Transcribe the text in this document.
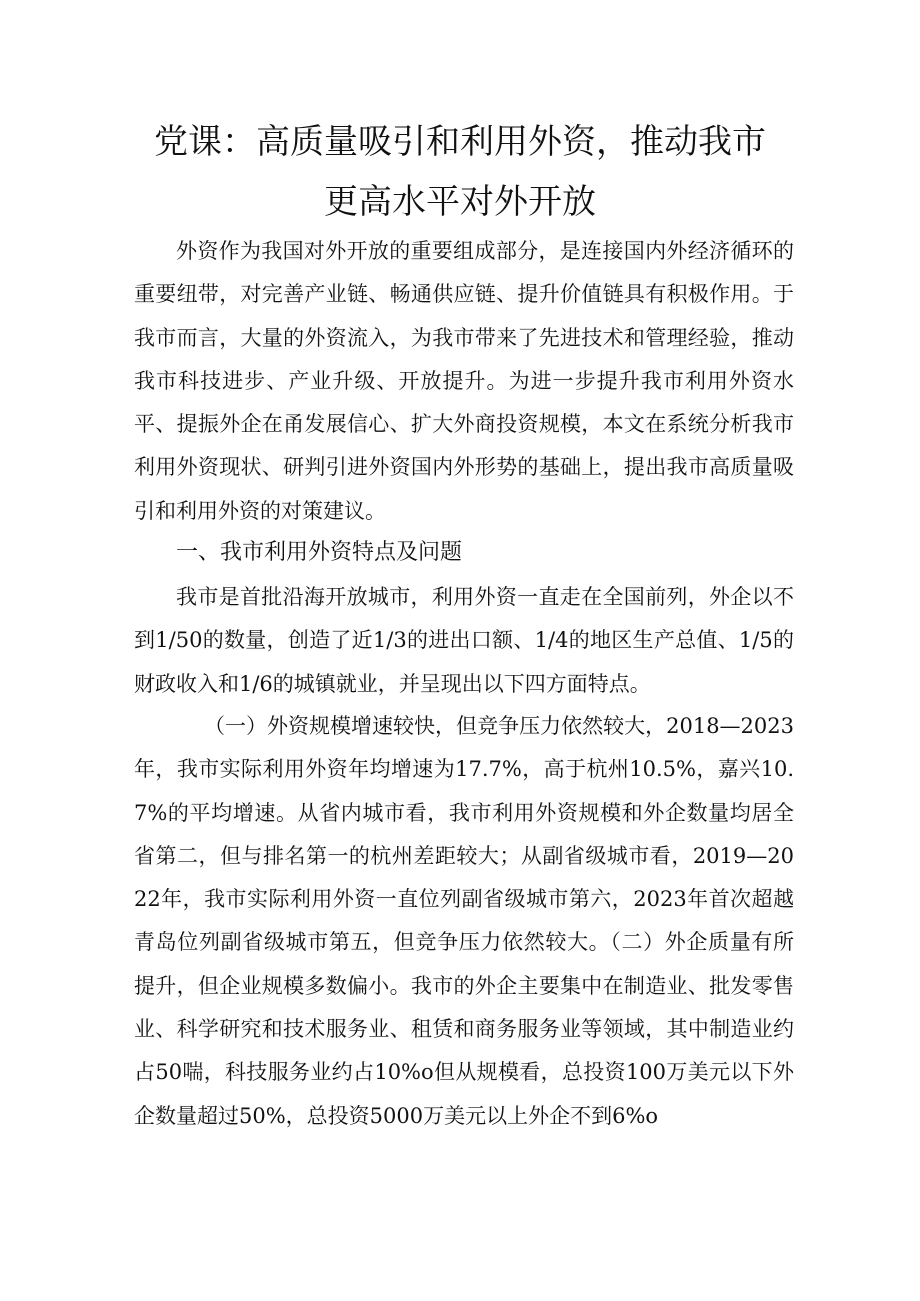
党课：高质量吸引和利用外资，推动我市
更高水平对外开放
外资作为我国对外开放的重要组成部分，是连接国内外经济循环的重要纽带，对完善产业链、畅通供应链、提升价值链具有积极作用。于我市而言，大量的外资流入，为我市带来了先进技术和管理经验，推动我市科技进步、产业升级、开放提升。为进一步提升我市利用外资水平、提振外企在甬发展信心、扩大外商投资规模，本文在系统分析我市利用外资现状、研判引进外资国内外形势的基础上，提出我市高质量吸引和利用外资的对策建议。
一、我市利用外资特点及问题
我市是首批沿海开放城市，利用外资一直走在全国前列，外企以不到1/50的数量，创造了近1/3的进出口额、1/4的地区生产总值、1/5的财政收入和1/6的城镇就业，并呈现出以下四方面特点。
（一）外资规模增速较快，但竞争压力依然较大，2018—2023年，我市实际利用外资年均增速为17.7%，高于杭州10.5%，嘉兴10.7%的平均增速。从省内城市看，我市利用外资规模和外企数量均居全省第二，但与排名第一的杭州差距较大；从副省级城市看，2019—2022年，我市实际利用外资一直位列副省级城市第六，2023年首次超越青岛位列副省级城市第五，但竞争压力依然较大。（二）外企质量有所提升，但企业规模多数偏小。我市的外企主要集中在制造业、批发零售业、科学研究和技术服务业、租赁和商务服务业等领域，其中制造业约占50喘，科技服务业约占10%o但从规模看，总投资100万美元以下外企数量超过50%，总投资5000万美元以上外企不到6%o
